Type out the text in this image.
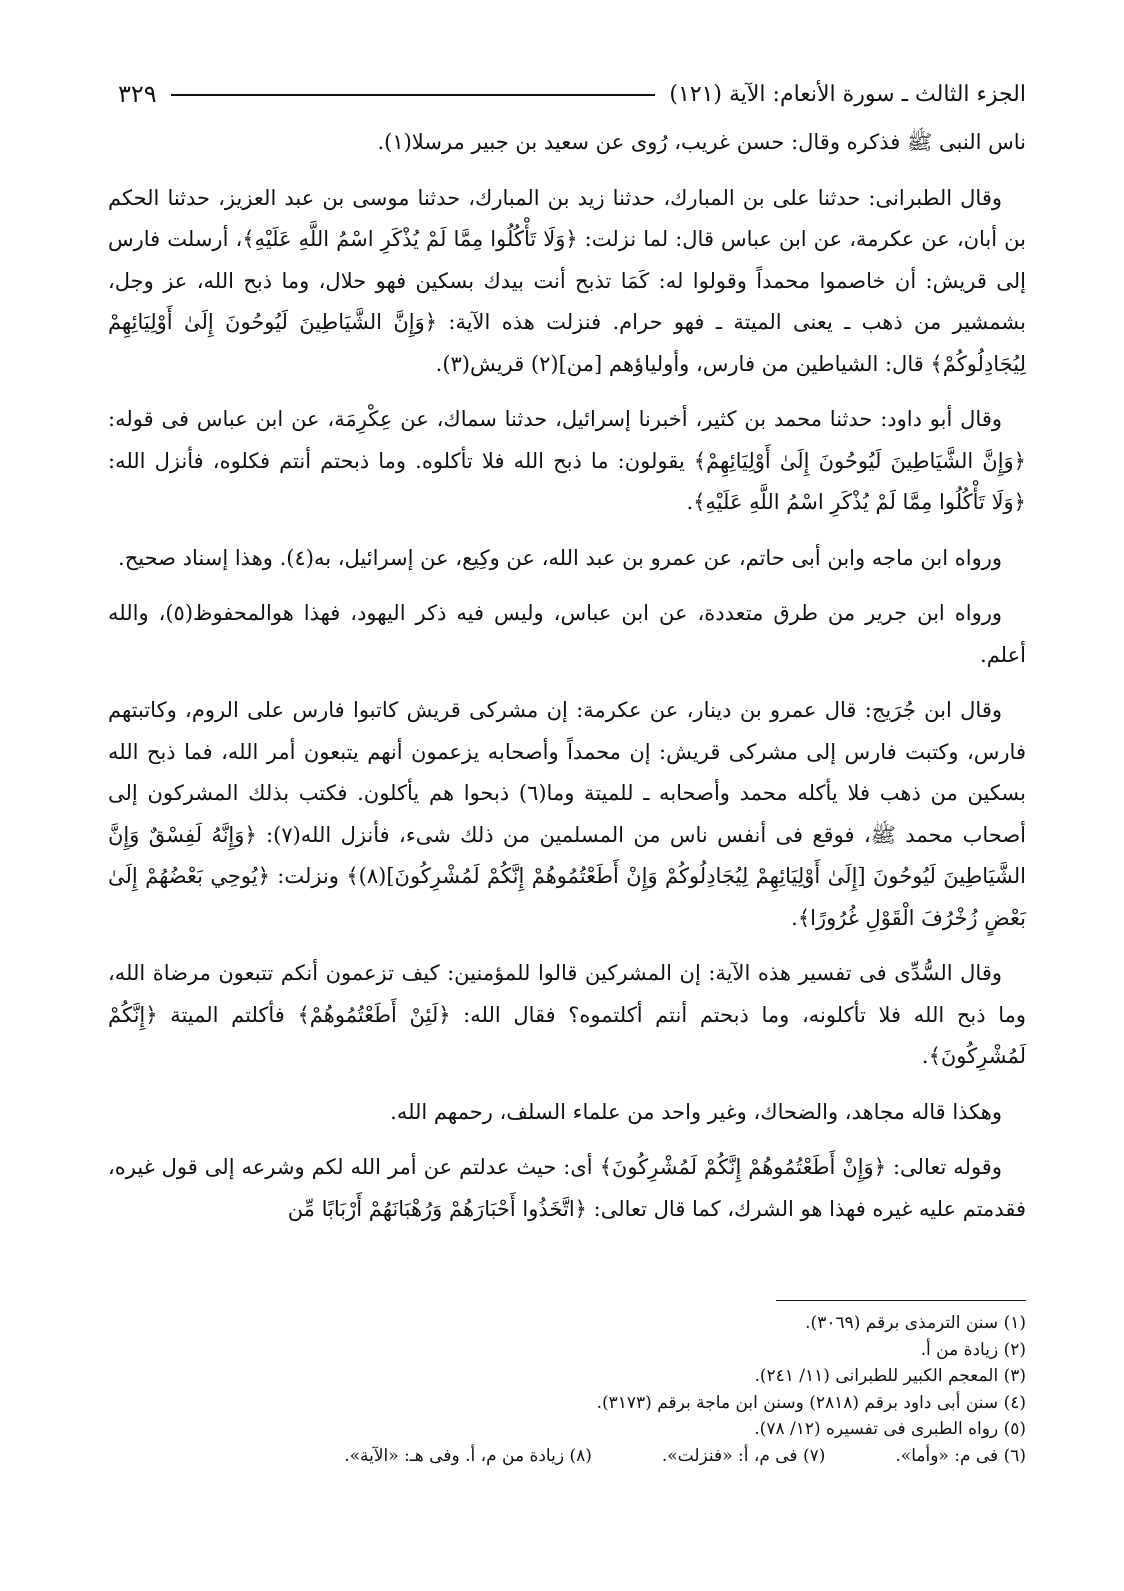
الجزء الثالث ـ سورة الأنعام: الآية (١٢١)
٣٢٩

ناس النبى ﷺ فذكره وقال: حسن غريب، رُوى عن سعيد بن جبير مرسلا(١).

وقال الطبرانى: حدثنا على بن المبارك، حدثنا زيد بن المبارك، حدثنا موسى بن عبد العزيز، حدثنا الحكم بن أبان، عن عكرمة، عن ابن عباس قال: لما نزلت: ﴿وَلَا تَأْكُلُوا مِمَّا لَمْ يُذْكَرِ اسْمُ اللَّهِ عَلَيْهِ﴾، أرسلت فارس إلى قريش: أن خاصموا محمداً وقولوا له: كَمَا تذبح أنت بيدك بسكين فهو حلال، وما ذبح الله، عز وجل، بشمشير من ذهب ـ يعنى الميتة ـ فهو حرام. فنزلت هذه الآية: ﴿وَإِنَّ الشَّيَاطِينَ لَيُوحُونَ إِلَىٰ أَوْلِيَائِهِمْ لِيُجَادِلُوكُمْ﴾ قال: الشياطين من فارس، وأولياؤهم [من](٢) قريش(٣).

وقال أبو داود: حدثنا محمد بن كثير، أخبرنا إسرائيل، حدثنا سماك، عن عِكْرِمَة، عن ابن عباس فى قوله: ﴿وَإِنَّ الشَّيَاطِينَ لَيُوحُونَ إِلَىٰ أَوْلِيَائِهِمْ﴾ يقولون: ما ذبح الله فلا تأكلوه. وما ذبحتم أنتم فكلوه، فأنزل الله: ﴿وَلَا تَأْكُلُوا مِمَّا لَمْ يُذْكَرِ اسْمُ اللَّهِ عَلَيْهِ﴾.

ورواه ابن ماجه وابن أبى حاتم، عن عمرو بن عبد الله، عن وكِيع، عن إسرائيل، به(٤). وهذا إسناد صحيح.

ورواه ابن جرير من طرق متعددة، عن ابن عباس، وليس فيه ذكر اليهود، فهذا هوالمحفوظ(٥)، والله أعلم.

وقال ابن جُرَيج: قال عمرو بن دينار، عن عكرمة: إن مشركى قريش كاتبوا فارس على الروم، وكاتبتهم فارس، وكتبت فارس إلى مشركى قريش: إن محمداً وأصحابه يزعمون أنهم يتبعون أمر الله، فما ذبح الله بسكين من ذهب فلا يأكله محمد وأصحابه ـ للميتة وما(٦) ذبحوا هم يأكلون. فكتب بذلك المشركون إلى أصحاب محمد ﷺ، فوقع فى أنفس ناس من المسلمين من ذلك شىء، فأنزل الله(٧): ﴿وَإِنَّهُ لَفِسْقٌ وَإِنَّ الشَّيَاطِينَ لَيُوحُونَ [إِلَىٰ أَوْلِيَائِهِمْ لِيُجَادِلُوكُمْ وَإِنْ أَطَعْتُمُوهُمْ إِنَّكُمْ لَمُشْرِكُونَ](٨)﴾ ونزلت: ﴿يُوحِي بَعْضُهُمْ إِلَىٰ بَعْضٍ زُخْرُفَ الْقَوْلِ غُرُورًا﴾.

وقال السُّدِّى فى تفسير هذه الآية: إن المشركين قالوا للمؤمنين: كيف تزعمون أنكم تتبعون مرضاة الله، وما ذبح الله فلا تأكلونه، وما ذبحتم أنتم أكلتموه؟ فقال الله: ﴿لَئِنْ أَطَعْتُمُوهُمْ﴾ فأكلتم الميتة ﴿إِنَّكُمْ لَمُشْرِكُونَ﴾.

وهكذا قاله مجاهد، والضحاك، وغير واحد من علماء السلف، رحمهم الله.

وقوله تعالى: ﴿وَإِنْ أَطَعْتُمُوهُمْ إِنَّكُمْ لَمُشْرِكُونَ﴾ أى: حيث عدلتم عن أمر الله لكم وشرعه إلى قول غيره، فقدمتم عليه غيره فهذا هو الشرك، كما قال تعالى: ﴿اتَّخَذُوا أَحْبَارَهُمْ وَرُهْبَانَهُمْ أَرْبَابًا مِّن

(١) سنن الترمذى برقم (٣٠٦٩).

(٢) زيادة من أ.

(٣) المعجم الكبير للطبرانى (١١/ ٢٤١).

(٤) سنن أبى داود برقم (٢٨١٨) وسنن ابن ماجة برقم (٣١٧٣).

(٥) رواه الطبرى فى تفسيره (١٢/ ٧٨).

(٦) فى م: «وأما».
(٧) فى م، أ: «فنزلت».
(٨) زيادة من م، أ. وفى هـ: «الآية».
